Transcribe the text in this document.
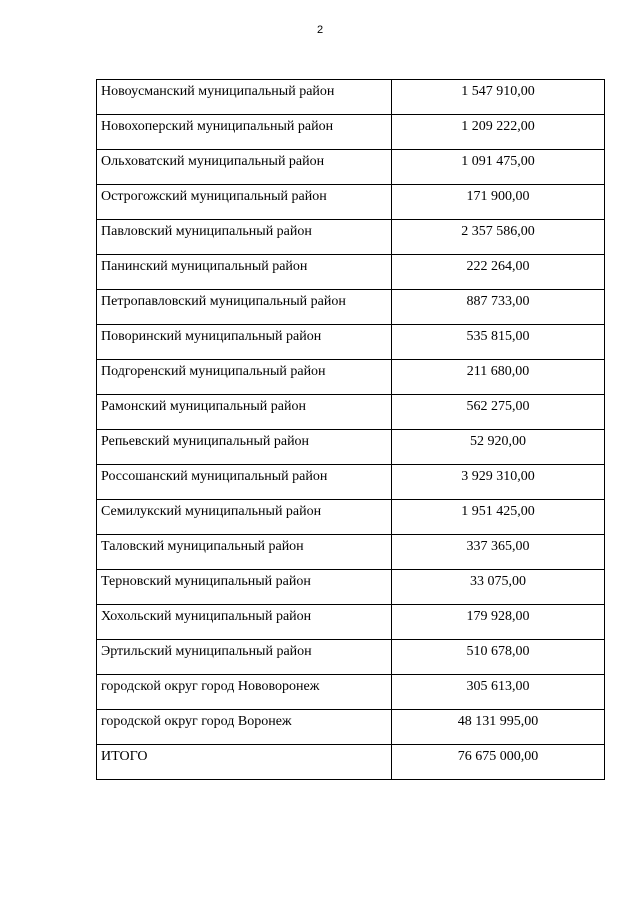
2
Новоусманский муниципальный район	1 547 910,00
Новохоперский муниципальный район	1 209 222,00
Ольховатский муниципальный район	1 091 475,00
Острогожский муниципальный район	171 900,00
Павловский муниципальный район	2 357 586,00
Панинский муниципальный район	222 264,00
Петропавловский муниципальный район	887 733,00
Поворинский муниципальный район	535 815,00
Подгоренский муниципальный район	211 680,00
Рамонский муниципальный район	562 275,00
Репьевский муниципальный район	52 920,00
Россошанский муниципальный район	3 929 310,00
Семилукский муниципальный район	1 951 425,00
Таловский муниципальный район	337 365,00
Терновский муниципальный район	33 075,00
Хохольский муниципальный район	179 928,00
Эртильский муниципальный район	510 678,00
городской округ город Нововоронеж	305 613,00
городской округ город Воронеж	48 131 995,00
ИТОГО	76 675 000,00
